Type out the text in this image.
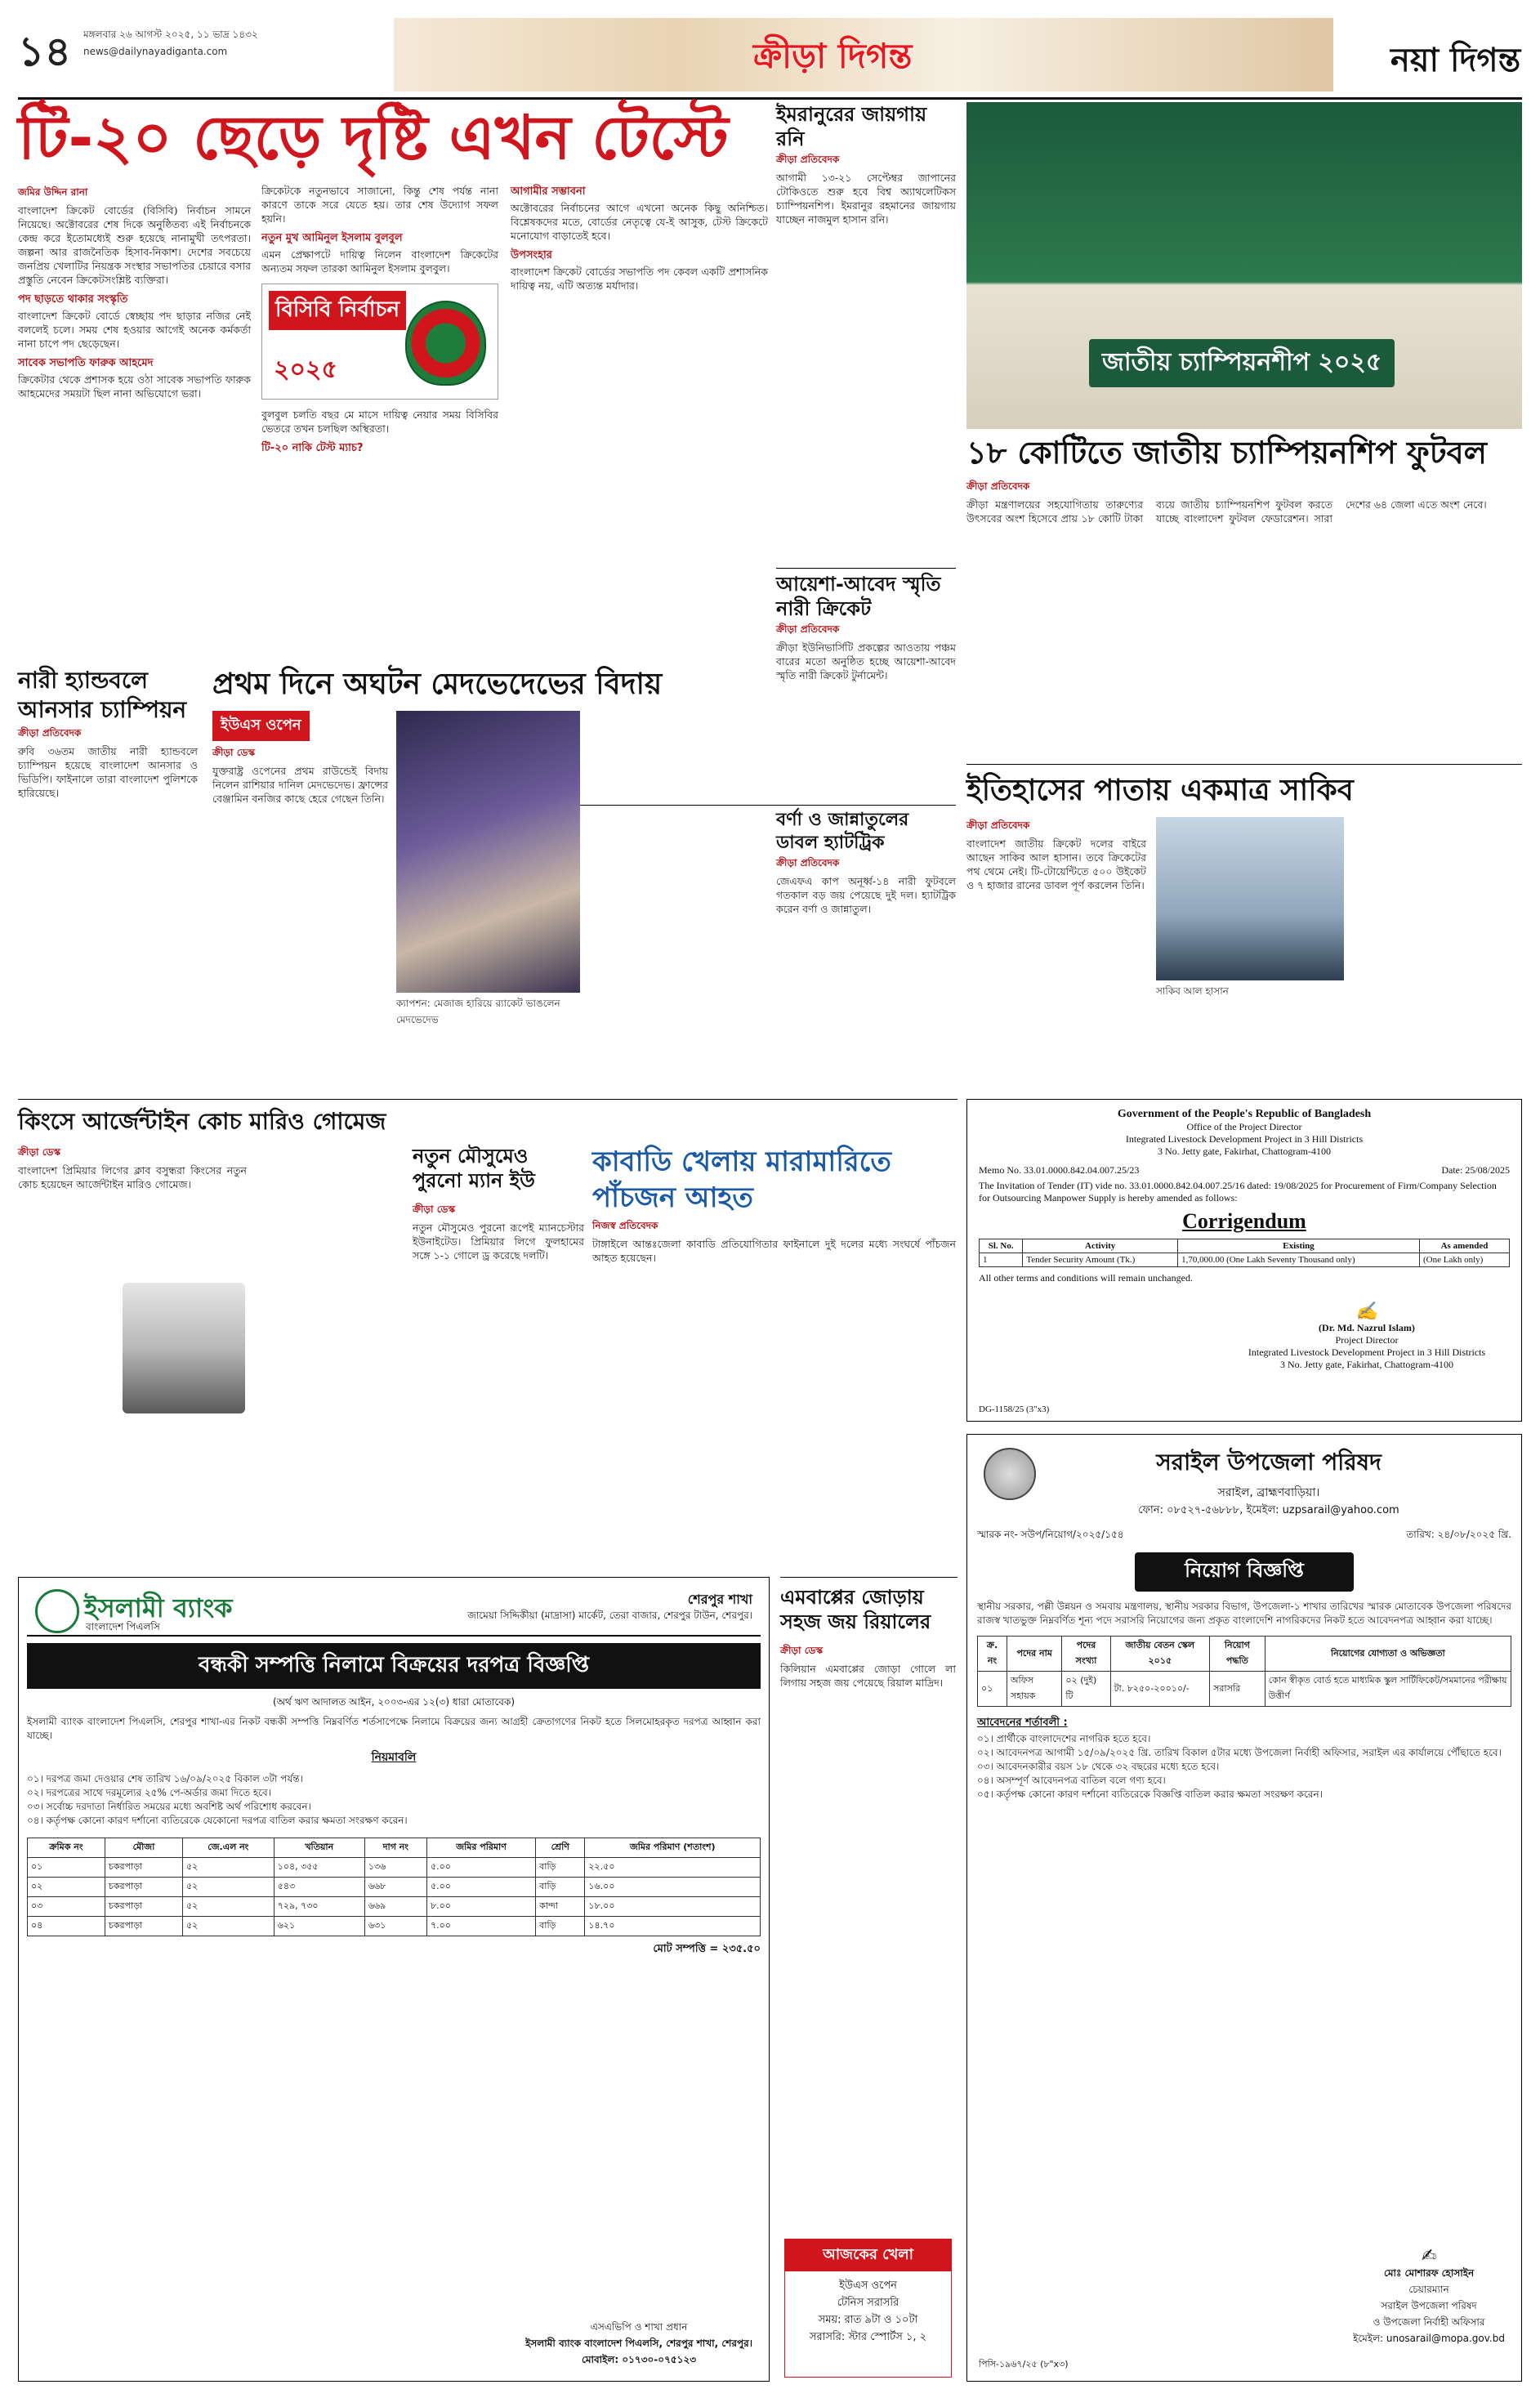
১৪	মঙ্গলবার ২৬ আগস্ট ২০২৫, ১১ ভাদ্র ১৪৩২
news@dailynayadiganta.com	ক্রীড়া দিগন্ত	নয়া দিগন্ত
টি-২০ ছেড়ে দৃষ্টি এখন টেস্টে
জমির উদ্দিন রানা
বাংলাদেশ ক্রিকেট বোর্ডের (বিসিবি) নির্বাচন সামনে নিয়েছে। অক্টোবরের শেষ দিকে অনুষ্ঠিতব্য এই নির্বাচনকে কেন্দ্র করে ইতোমধ্যেই শুরু হয়েছে নানামুখী তৎপরতা। জল্পনা আর রাজনৈতিক হিসাব-নিকাশ। দেশের সবচেয়ে জনপ্রিয় খেলাটির নিয়ন্ত্রক সংস্থার সভাপতির চেয়ারে বসার প্রস্তুতি নেবেন ক্রিকেটসংশ্লিষ্ট ব্যক্তিরা।
পদ ছাড়তে থাকার সংস্কৃতি
বাংলাদেশ ক্রিকেট বোর্ডে স্বেচ্ছায় পদ ছাড়ার নজির নেই বললেই চলে। সময় শেষ হওয়ার আগেই অনেক কর্মকর্তা নানা চাপে পদ ছেড়েছেন।
সাবেক সভাপতি ফারুক আহমেদ
ক্রিকেটার থেকে প্রশাসক হয়ে ওঠা সাবেক সভাপতি ফারুক আহমেদের সময়টা ছিল নানা অভিযোগে ভরা।
ক্রিকেটকে নতুনভাবে সাজানো, কিন্তু শেষ পর্যন্ত নানা কারণে তাকে সরে যেতে হয়। তার শেষ উদ্যোগ সফল হয়নি।
নতুন মুখ আমিনুল ইসলাম বুলবুল
এমন প্রেক্ষাপটে দায়িত্ব নিলেন বাংলাদেশ ক্রিকেটের অন্যতম সফল তারকা আমিনুল ইসলাম বুলবুল।
বিসিবি নির্বাচন
২০২৫
বুলবুল চলতি বছর মে মাসে দায়িত্ব নেয়ার সময় বিসিবির ভেতরে তখন চলছিল অস্থিরতা।
টি-২০ নাকি টেস্ট ম্যাচ?
আগামীর সম্ভাবনা
অক্টোবরের নির্বাচনের আগে এখনো অনেক কিছু অনিশ্চিত। বিশ্লেষকদের মতে, বোর্ডের নেতৃত্বে যে-ই আসুক, টেস্ট ক্রিকেটে মনোযোগ বাড়াতেই হবে।
উপসংহার
বাংলাদেশ ক্রিকেট বোর্ডের সভাপতি পদ কেবল একটি প্রশাসনিক দায়িত্ব নয়, এটি অত্যন্ত মর্যাদার।
ইমরানুরের জায়গায় রনি
ক্রীড়া প্রতিবেদক
আগামী ১৩-২১ সেপ্টেম্বর জাপানের টোকিওতে শুরু হবে বিশ্ব অ্যাথলেটিকস চ্যাম্পিয়নশিপ। ইমরানুর রহমানের জায়গায় যাচ্ছেন নাজমুল হাসান রনি।
আয়েশা-আবেদ স্মৃতি নারী ক্রিকেট
ক্রীড়া প্রতিবেদক
ক্রীড়া ইউনিভার্সিটি প্রকল্পের আওতায় পঞ্চম বারের মতো অনুষ্ঠিত হচ্ছে আয়েশা-আবেদ স্মৃতি নারী ক্রিকেট টুর্নামেন্ট।
বর্ণা ও জান্নাতুলের ডাবল হ্যাটট্রিক
ক্রীড়া প্রতিবেদক
জেএফএ কাপ অনূর্ধ্ব-১৪ নারী ফুটবলে গতকাল বড় জয় পেয়েছে দুই দল। হ্যাটট্রিক করেন বর্ণা ও জান্নাতুল।
জাতীয় চ্যাম্পিয়নশীপ ২০২৫
১৮ কোটিতে জাতীয় চ্যাম্পিয়নশিপ ফুটবল
ক্রীড়া প্রতিবেদক
ক্রীড়া মন্ত্রণালয়ের সহযোগিতায় তারুণ্যের উৎসবের অংশ হিসেবে প্রায় ১৮ কোটি টাকা ব্যয়ে জাতীয় চ্যাম্পিয়নশিপ ফুটবল করতে যাচ্ছে বাংলাদেশ ফুটবল ফেডারেশন। সারা দেশের ৬৪ জেলা এতে অংশ নেবে।
ইতিহাসের পাতায় একমাত্র সাকিব
ক্রীড়া প্রতিবেদক
বাংলাদেশ জাতীয় ক্রিকেট দলের বাইরে আছেন সাকিব আল হাসান। তবে ক্রিকেটের পথ থেমে নেই। টি-টোয়েন্টিতে ৫০০ উইকেট ও ৭ হাজার রানের ডাবল পূর্ণ করলেন তিনি।
সাকিব আল হাসান
Government of the People's Republic of Bangladesh
Office of the Project Director
Integrated Livestock Development Project in 3 Hill Districts
3 No. Jetty gate, Fakirhat, Chattogram-4100
Memo No. 33.01.0000.842.04.007.25/23	Date: 25/08/2025
The Invitation of Tender (IT) vide no. 33.01.0000.842.04.007.25/16 dated: 19/08/2025 for Procurement of Firm/Company Selection for Outsourcing Manpower Supply is hereby amended as follows:
Corrigendum
Sl. No.	Activity	Existing	As amended
1	Tender Security Amount (Tk.)	1,70,000.00 (One Lakh Seventy Thousand only)	(One Lakh only)
All other terms and conditions will remain unchanged.
✍
(Dr. Md. Nazrul Islam)
Project Director
Integrated Livestock Development Project in 3 Hill Districts
3 No. Jetty gate, Fakirhat, Chattogram-4100
DG-1158/25 (3"x3)
নারী হ্যান্ডবলে আনসার চ্যাম্পিয়ন
ক্রীড়া প্রতিবেদক
রুবি ৩৬তম জাতীয় নারী হ্যান্ডবলে চ্যাম্পিয়ন হয়েছে বাংলাদেশ আনসার ও ভিডিপি। ফাইনালে তারা বাংলাদেশ পুলিশকে হারিয়েছে।
প্রথম দিনে অঘটন মেদভেদেভের বিদায়
ইউএস ওপেন
ক্রীড়া ডেস্ক
যুক্তরাষ্ট্র ওপেনের প্রথম রাউন্ডেই বিদায় নিলেন রাশিয়ার দানিল মেদভেদেভ। ফ্রান্সের বেঞ্জামিন বনজির কাছে হেরে গেছেন তিনি।
ক্যাপশন: মেজাজ হারিয়ে র‍্যাকেট ভাঙলেন মেদভেদেভ
কিংসে আর্জেন্টাইন কোচ মারিও গোমেজ
ক্রীড়া ডেস্ক
বাংলাদেশ প্রিমিয়ার লিগের ক্লাব বসুন্ধরা কিংসের নতুন কোচ হয়েছেন আর্জেন্টাইন মারিও গোমেজ।
নতুন মৌসুমেও পুরনো ম্যান ইউ
ক্রীড়া ডেস্ক
নতুন মৌসুমেও পুরনো রূপেই ম্যানচেস্টার ইউনাইটেড। প্রিমিয়ার লিগে ফুলহামের সঙ্গে ১-১ গোলে ড্র করেছে দলটি।
কাবাডি খেলায় মারামারিতে পাঁচজন আহত
নিজস্ব প্রতিবেদক
টাঙ্গাইলে আন্তঃজেলা কাবাডি প্রতিযোগিতার ফাইনালে দুই দলের মধ্যে সংঘর্ষে পাঁচজন আহত হয়েছেন।
এমবাপ্পের জোড়ায় সহজ জয় রিয়ালের
ক্রীড়া ডেস্ক
কিলিয়ান এমবাপ্পের জোড়া গোলে লা লিগায় সহজ জয় পেয়েছে রিয়াল মাদ্রিদ।
আজকের খেলা
ইউএস ওপেন
টেনিস সরাসরি
সময়: রাত ৯টা ও ১০টা
সরাসরি: স্টার স্পোর্টস ১, ২
ইসলামী ব্যাংক
বাংলাদেশ পিএলসি
শেরপুর শাখা
জামেয়া সিদ্দিকীয়া (মাদ্রাসা) মার্কেট, তেরা বাজার, শেরপুর টাউন, শেরপুর।
বন্ধকী সম্পত্তি নিলামে বিক্রয়ের দরপত্র বিজ্ঞপ্তি
(অর্থ ঋণ আদালত আইন, ২০০৩-এর ১২(৩) ধারা মোতাবেক)
ইসলামী ব্যাংক বাংলাদেশ পিএলসি, শেরপুর শাখা-এর নিকট বন্ধকী সম্পত্তি নিম্নবর্ণিত শর্তসাপেক্ষে নিলামে বিক্রয়ের জন্য আগ্রহী ক্রেতাগণের নিকট হতে সিলমোহরকৃত দরপত্র আহ্বান করা যাচ্ছে।
নিয়মাবলি
০১। দরপত্র জমা দেওয়ার শেষ তারিখ ১৬/০৯/২০২৫ বিকাল ৩টা পর্যন্ত।
০২। দরপত্রের সাথে দরমূল্যের ২৫% পে-অর্ডার জমা দিতে হবে।
০৩। সর্বোচ্চ দরদাতা নির্ধারিত সময়ের মধ্যে অবশিষ্ট অর্থ পরিশোধ করবেন।
০৪। কর্তৃপক্ষ কোনো কারণ দর্শানো ব্যতিরেকে যেকোনো দরপত্র বাতিল করার ক্ষমতা সংরক্ষণ করেন।
ক্রমিক নং	মৌজা	জে.এল নং	খতিয়ান	দাগ নং	জমির পরিমাণ	শ্রেণি	জমির পরিমাণ (শতাংশ)
০১	চকরপাড়া	৫২	১০৪, ৩৫৫	১৩৬	৫.০০	বাড়ি	২২.৫০
০২	চকরপাড়া	৫২	৫৪৩	৬৬৮	৫.০০	বাড়ি	১৬.০০
০৩	চকরপাড়া	৫২	৭২৯, ৭৩০	৬৬৯	৮.০০	কান্দা	১৮.০০
০৪	চকরপাড়া	৫২	৬২১	৬৩১	৭.০০	বাড়ি	১৪.৭০
মোট সম্পত্তি = ২৩৫.৫০
এসএভিপি ও শাখা প্রধান
ইসলামী ব্যাংক বাংলাদেশ পিএলসি, শেরপুর শাখা, শেরপুর।
মোবাইল: ০১৭৩০-০৭৫১২৩
সরাইল উপজেলা পরিষদ
সরাইল, ব্রাহ্মণবাড়িয়া।
ফোন: ০৮৫২৭-৫৬৮৮৮, ইমেইল: uzpsarail@yahoo.com
স্মারক নং- সউপ/নিয়োগ/২০২৫/১৫৪	তারিখ: ২৪/০৮/২০২৫ খ্রি.
নিয়োগ বিজ্ঞপ্তি
স্থানীয় সরকার, পল্লী উন্নয়ন ও সমবায় মন্ত্রণালয়, স্থানীয় সরকার বিভাগ, উপজেলা-১ শাখার তারিখের স্মারক মোতাবেক উপজেলা পরিষদের রাজস্ব খাতভুক্ত নিম্নবর্ণিত শূন্য পদে সরাসরি নিয়োগের জন্য প্রকৃত বাংলাদেশি নাগরিকদের নিকট হতে আবেদনপত্র আহ্বান করা যাচ্ছে।
ক্র. নং	পদের নাম	পদের সংখ্যা	জাতীয় বেতন স্কেল ২০১৫	নিয়োগ পদ্ধতি	নিয়োগের যোগ্যতা ও অভিজ্ঞতা
০১	অফিস সহায়ক	০২ (দুই) টি	টা. ৮২৫০-২০০১০/-	সরাসরি	কোন স্বীকৃত বোর্ড হতে মাধ্যমিক স্কুল সার্টিফিকেট/সমমানের পরীক্ষায় উত্তীর্ণ
আবেদনের শর্তাবলী :
০১। প্রার্থীকে বাংলাদেশের নাগরিক হতে হবে।
০২। আবেদনপত্র আগামী ১৫/০৯/২০২৫ খ্রি. তারিখ বিকাল ৫টার মধ্যে উপজেলা নির্বাহী অফিসার, সরাইল এর কার্যালয়ে পৌঁছাতে হবে।
০৩। আবেদনকারীর বয়স ১৮ থেকে ৩২ বছরের মধ্যে হতে হবে।
০৪। অসম্পূর্ণ আবেদনপত্র বাতিল বলে গণ্য হবে।
০৫। কর্তৃপক্ষ কোনো কারণ দর্শানো ব্যতিরেকে বিজ্ঞপ্তি বাতিল করার ক্ষমতা সংরক্ষণ করেন।
✍
মোঃ মোশারফ হোসাইন
চেয়ারম্যান
সরাইল উপজেলা পরিষদ
ও উপজেলা নির্বাহী অফিসার
ইমেইল: unosarail@mopa.gov.bd
পিসি-১৯৬৭/২৫ (৮"x৩)
